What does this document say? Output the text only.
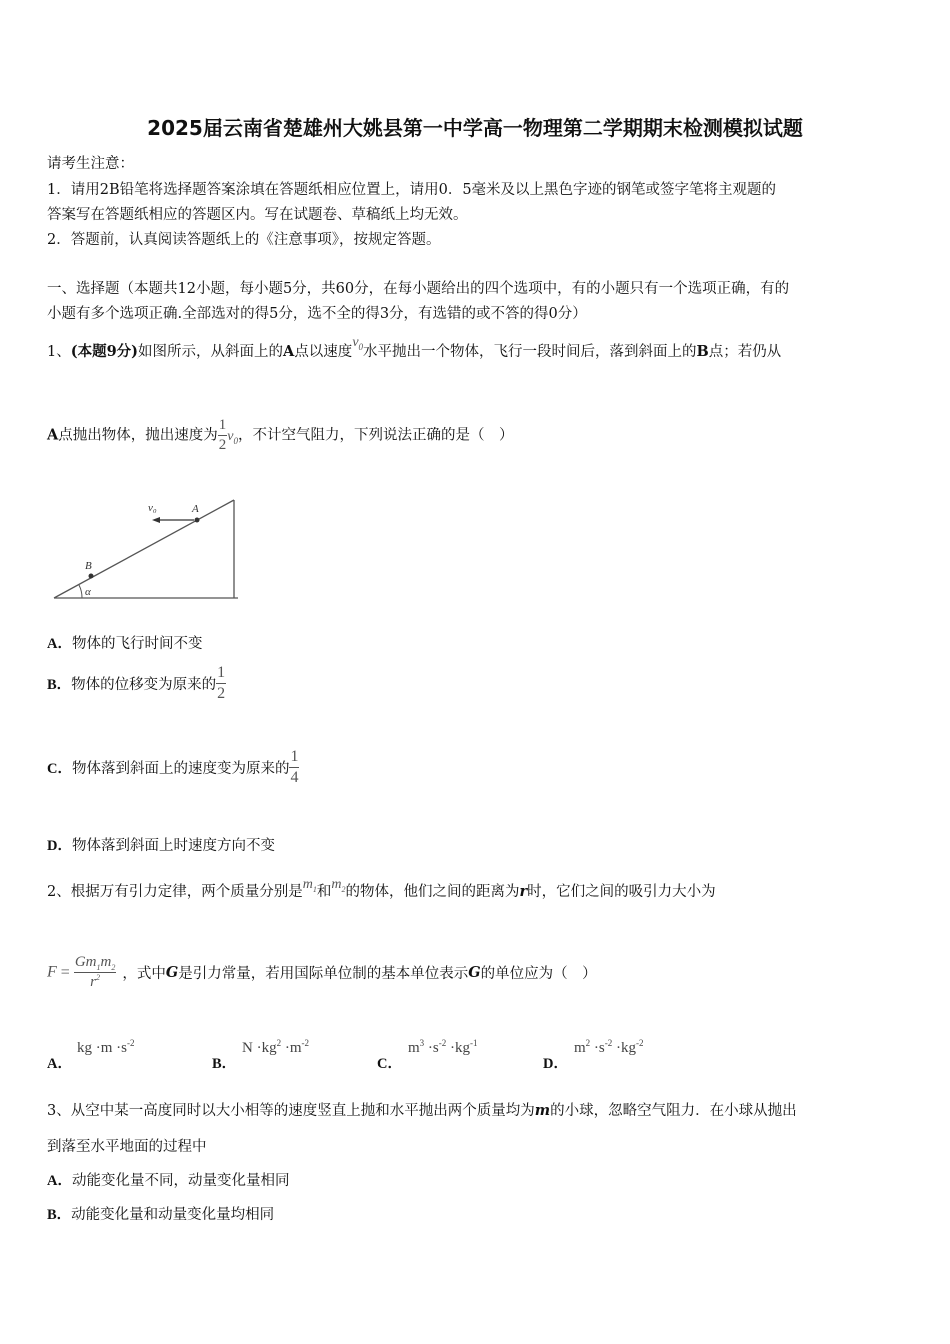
2025届云南省楚雄州大姚县第一中学高一物理第二学期期末检测模拟试题
请考生注意：
1．请用2B铅笔将选择题答案涂填在答题纸相应位置上，请用0．5毫米及以上黑色字迹的钢笔或签字笔将主观题的
答案写在答题纸相应的答题区内。写在试题卷、草稿纸上均无效。
2．答题前，认真阅读答题纸上的《注意事项》，按规定答题。
一、选择题（本题共12小题，每小题5分，共60分，在每小题给出的四个选项中，有的小题只有一个选项正确，有的
小题有多个选项正确.全部选对的得5分，选不全的得3分，有选错的或不答的得0分）
1、(本题9分)如图所示，从斜面上的A点以速度$v_0$水平抛出一个物体，飞行一段时间后，落到斜面上的B点；若仍从
A点抛出物体，抛出速度为 $\frac{1}{2} v_0$，不计空气阻力，下列说法正确的是（　）
v₀	A
B
α
A．物体的飞行时间不变
B．物体的位移变为原来的 $\frac{1}{2}$
C．物体落到斜面上的速度变为原来的 $\frac{1}{4}$
D．物体落到斜面上时速度方向不变
2、根据万有引力定律，两个质量分别是$m_1$和$m_2$的物体，他们之间的距离为r时，它们之间的吸引力大小为
$F = \frac{Gm_1m_2}{r^2}$ ，式中G是引力常量，若用国际单位制的基本单位表示G的单位应为（　）
A．
kg $\cdot m \cdot s^{-2}$
B．
$N \cdot kg^2 \cdot m^{-2}$
C．
$m^3 \cdot s^{-2} \cdot kg^{-1}$
D．
$m^2 \cdot s^{-2} \cdot kg^{-2}$
3、从空中某一高度同时以大小相等的速度竖直上抛和水平抛出两个质量均为m的小球，忽略空气阻力．在小球从抛出
到落至水平地面的过程中
A．动能变化量不同，动量变化量相同
B．动能变化量和动量变化量均相同
